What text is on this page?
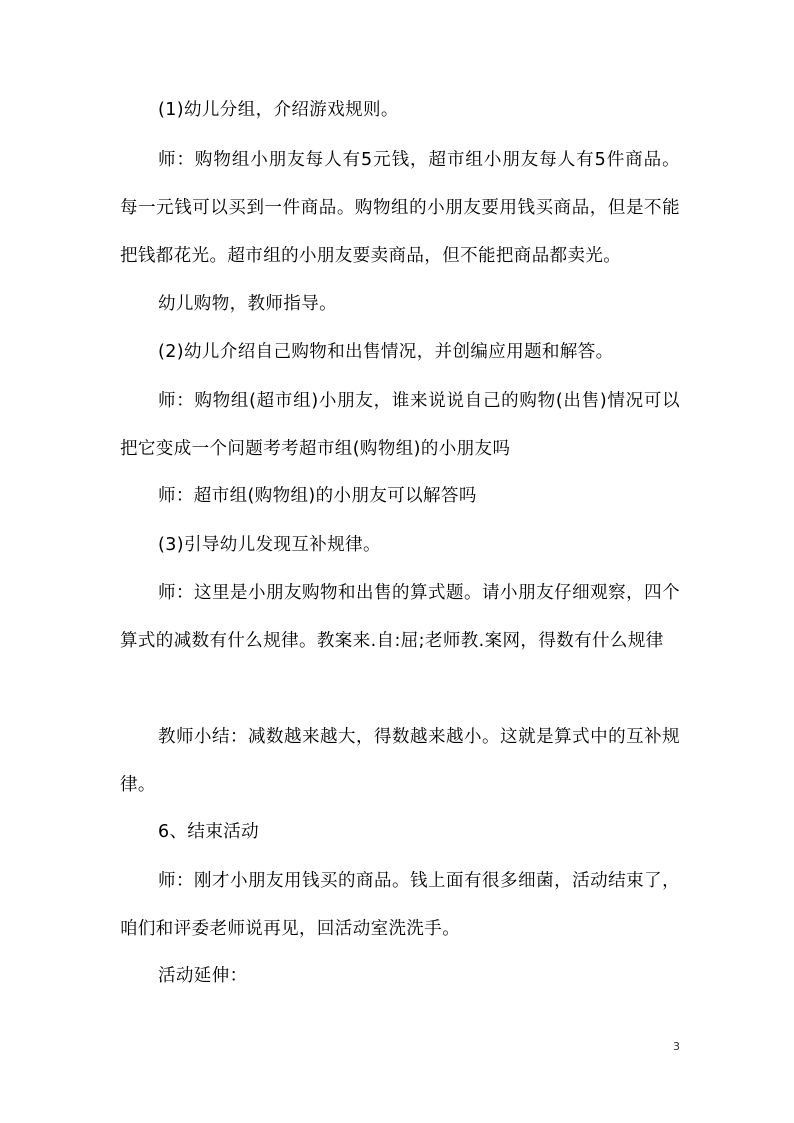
(1)幼儿分组，介绍游戏规则。

师：购物组小朋友每人有5元钱，超市组小朋友每人有5件商品。每一元钱可以买到一件商品。购物组的小朋友要用钱买商品，但是不能把钱都花光。超市组的小朋友要卖商品，但不能把商品都卖光。

幼儿购物，教师指导。

(2)幼儿介绍自己购物和出售情况，并创编应用题和解答。

师：购物组(超市组)小朋友，谁来说说自己的购物(出售)情况可以把它变成一个问题考考超市组(购物组)的小朋友吗

师：超市组(购物组)的小朋友可以解答吗

(3)引导幼儿发现互补规律。

师：这里是小朋友购物和出售的算式题。请小朋友仔细观察，四个算式的减数有什么规律。教案来.自:屈;老师教.案网，得数有什么规律

教师小结：减数越来越大，得数越来越小。这就是算式中的互补规律。

6、结束活动

师：刚才小朋友用钱买的商品。钱上面有很多细菌，活动结束了，咱们和评委老师说再见，回活动室洗洗手。

活动延伸：

3
